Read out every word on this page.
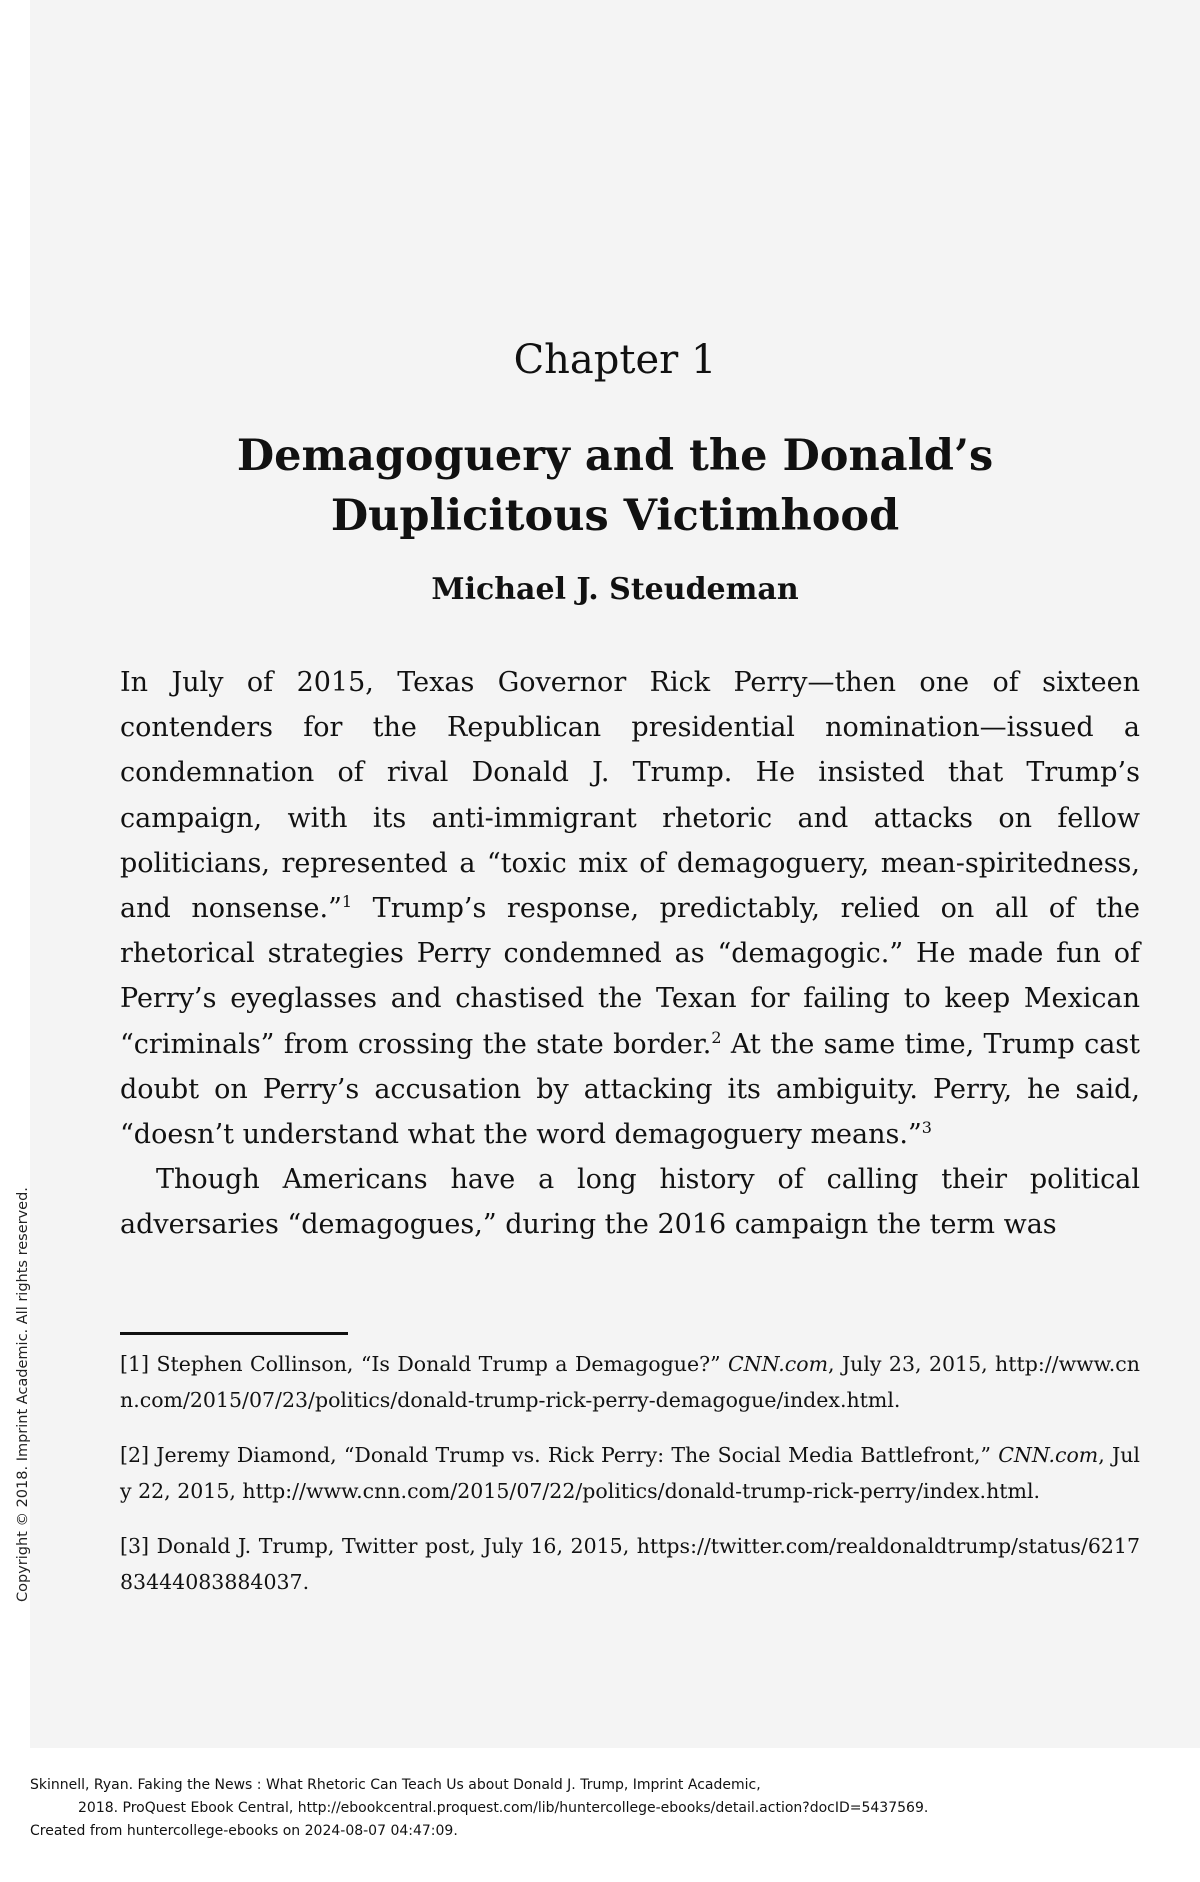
Chapter 1
Demagoguery and the Donald’s
Duplicitous Victimhood
Michael J. Steudeman

In July of 2015, Texas Governor Rick Perry—then one of sixteen contenders for the Republican presidential nomination—issued a condemnation of rival Donald J. Trump. He insisted that Trump’s campaign, with its anti-immigrant rhetoric and attacks on fellow politicians, represented a “toxic mix of demagoguery, mean-spiritedness, and nonsense.”$^1$ Trump’s response, predictably, relied on all of the rhetorical strategies Perry condemned as “demagogic.” He made fun of Perry’s eyeglasses and chastised the Texan for failing to keep Mexican “criminals” from crossing the state border.$^2$ At the same time, Trump cast doubt on Perry’s accusation by attacking its ambiguity. Perry, he said, “doesn’t understand what the word demagoguery means.”$^3$

Though Americans have a long history of calling their political adversaries “demagogues,” during the 2016 campaign the term was

[1] Stephen Collinson, “Is Donald Trump a Demagogue?” CNN.com, July 23, 2015, http://www.cnn.com/2015/07/23/politics/donald-trump-rick-perry-demagogue/index.html.

[2] Jeremy Diamond, “Donald Trump vs. Rick Perry: The Social Media Battlefront,” CNN.com, July 22, 2015, http://www.cnn.com/2015/07/22/politics/donald-trump-rick-perry/index.html.

[3] Donald J. Trump, Twitter post, July 16, 2015, https://twitter.com/realdonaldtrump/status/621783444083884037.

Copyright © 2018. Imprint Academic. All rights reserved.
Skinnell, Ryan. Faking the News : What Rhetoric Can Teach Us about Donald J. Trump, Imprint Academic,
2018. ProQuest Ebook Central, http://ebookcentral.proquest.com/lib/huntercollege-ebooks/detail.action?docID=5437569.
Created from huntercollege-ebooks on 2024-08-07 04:47:09.
